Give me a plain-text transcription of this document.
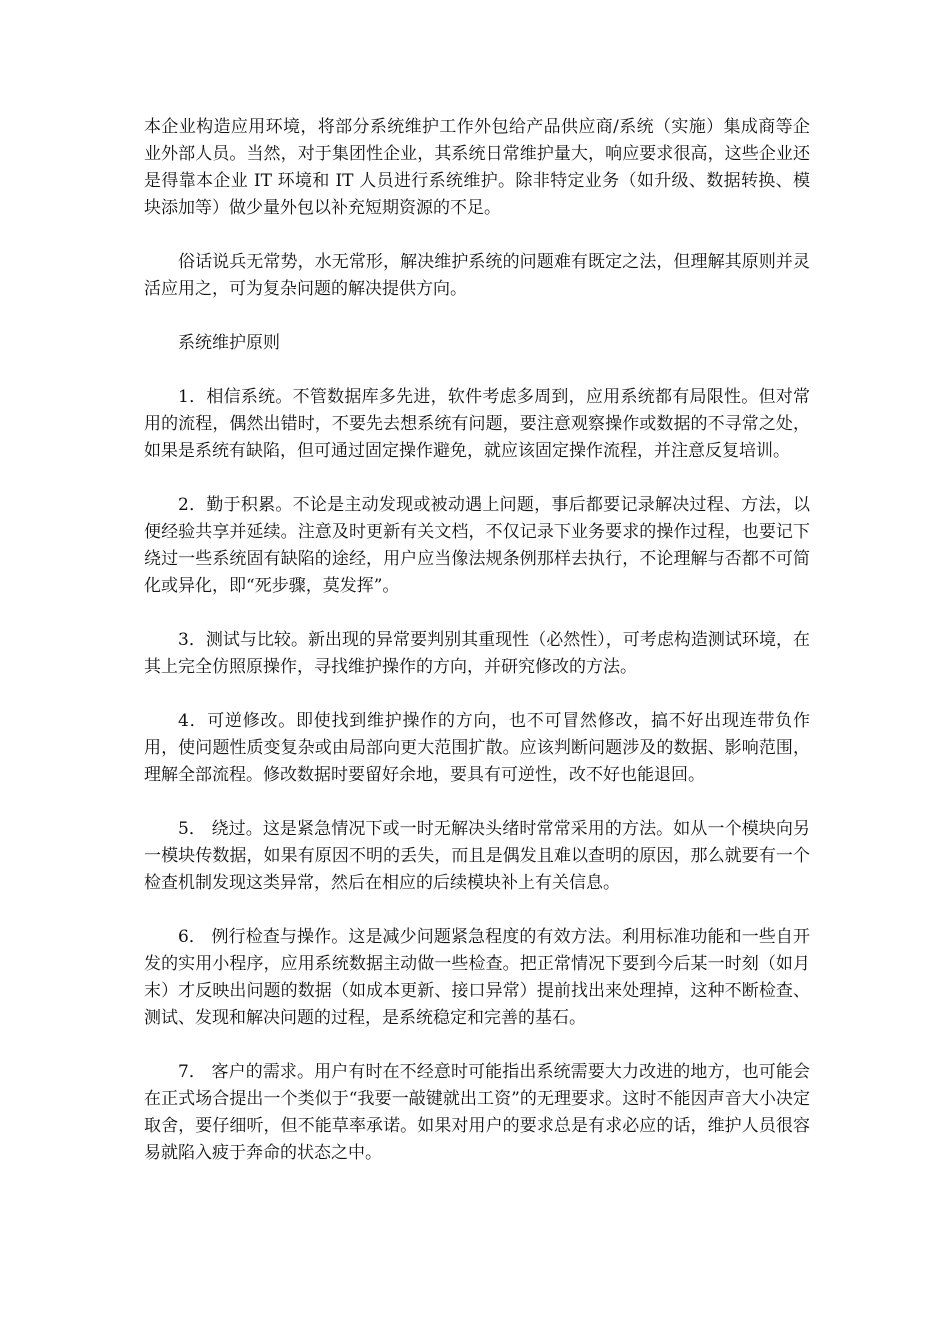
本企业构造应用环境，将部分系统维护工作外包给产品供应商/系统（实施）集成商等企业外部人员。当然，对于集团性企业，其系统日常维护量大，响应要求很高，这些企业还是得靠本企业 IT 环境和 IT 人员进行系统维护。除非特定业务（如升级、数据转换、模块添加等）做少量外包以补充短期资源的不足。

俗话说兵无常势，水无常形，解决维护系统的问题难有既定之法，但理解其原则并灵活应用之，可为复杂问题的解决提供方向。

系统维护原则

1．相信系统。不管数据库多先进，软件考虑多周到，应用系统都有局限性。但对常用的流程，偶然出错时，不要先去想系统有问题，要注意观察操作或数据的不寻常之处，如果是系统有缺陷，但可通过固定操作避免，就应该固定操作流程，并注意反复培训。

2．勤于积累。不论是主动发现或被动遇上问题，事后都要记录解决过程、方法，以便经验共享并延续。注意及时更新有关文档，不仅记录下业务要求的操作过程，也要记下绕过一些系统固有缺陷的途经，用户应当像法规条例那样去执行，不论理解与否都不可简化或异化，即“死步骤，莫发挥”。

3．测试与比较。新出现的异常要判别其重现性（必然性），可考虑构造测试环境，在其上完全仿照原操作，寻找维护操作的方向，并研究修改的方法。

4．可逆修改。即使找到维护操作的方向，也不可冒然修改，搞不好出现连带负作用，使问题性质变复杂或由局部向更大范围扩散。应该判断问题涉及的数据、影响范围，理解全部流程。修改数据时要留好余地，要具有可逆性，改不好也能退回。

5． 绕过。这是紧急情况下或一时无解决头绪时常常采用的方法。如从一个模块向另一模块传数据，如果有原因不明的丢失，而且是偶发且难以查明的原因，那么就要有一个检查机制发现这类异常，然后在相应的后续模块补上有关信息。

6． 例行检查与操作。这是减少问题紧急程度的有效方法。利用标准功能和一些自开发的实用小程序，应用系统数据主动做一些检查。把正常情况下要到今后某一时刻（如月末）才反映出问题的数据（如成本更新、接口异常）提前找出来处理掉，这种不断检查、测试、发现和解决问题的过程，是系统稳定和完善的基石。

7． 客户的需求。用户有时在不经意时可能指出系统需要大力改进的地方，也可能会在正式场合提出一个类似于“我要一敲键就出工资”的无理要求。这时不能因声音大小决定取舍，要仔细听，但不能草率承诺。如果对用户的要求总是有求必应的话，维护人员很容易就陷入疲于奔命的状态之中。
